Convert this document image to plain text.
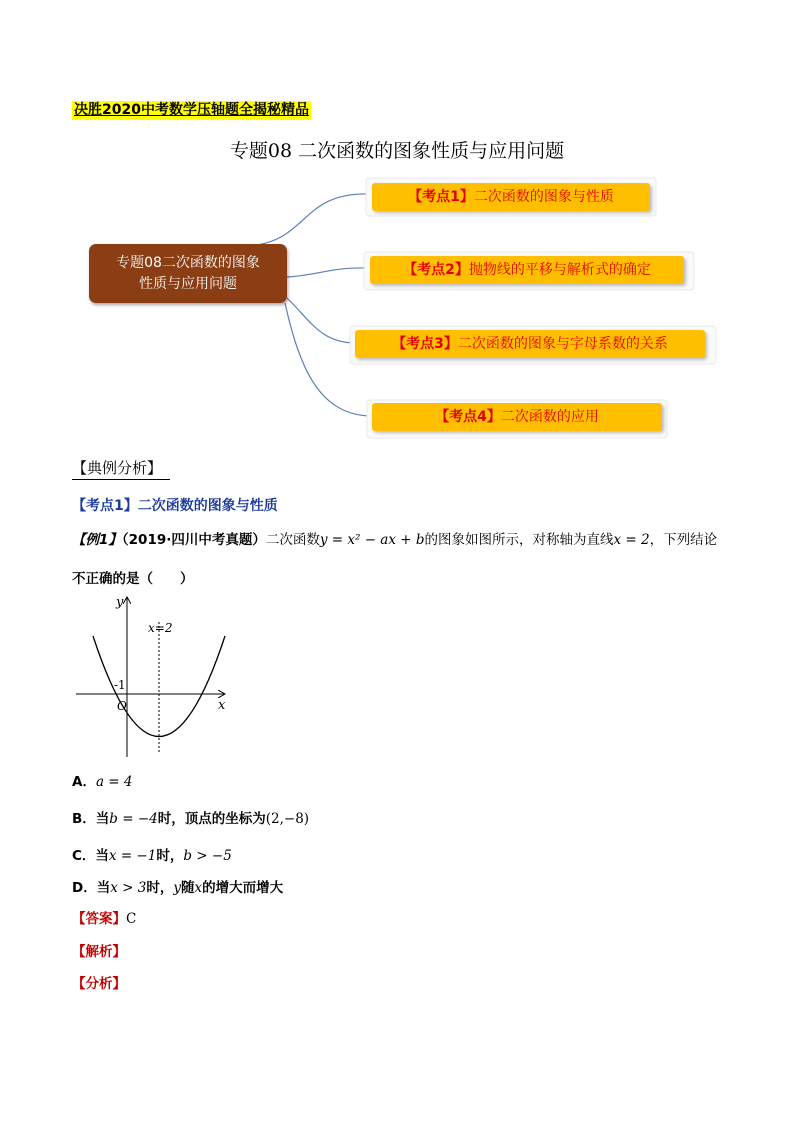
决胜2020中考数学压轴题全揭秘精品
专题08 二次函数的图象性质与应用问题
专题08二次函数的图象
性质与应用问题
【考点1】二次函数的图象与性质
【考点2】抛物线的平移与解析式的确定
【考点3】二次函数的图象与字母系数的关系
【考点4】二次函数的应用
【典例分析】
【考点1】二次函数的图象与性质
【例1】（2019·四川中考真题）二次函数y = x² − ax + b的图象如图所示，对称轴为直线x = 2，下列结论
不正确的是（　　）
y
x
O
-1
x=2
A．a = 4
B．当b = −4时，顶点的坐标为(2,−8)
C．当x = −1时，b > −5
D．当x > 3时，y随x的增大而增大
【答案】C
【解析】
【分析】
